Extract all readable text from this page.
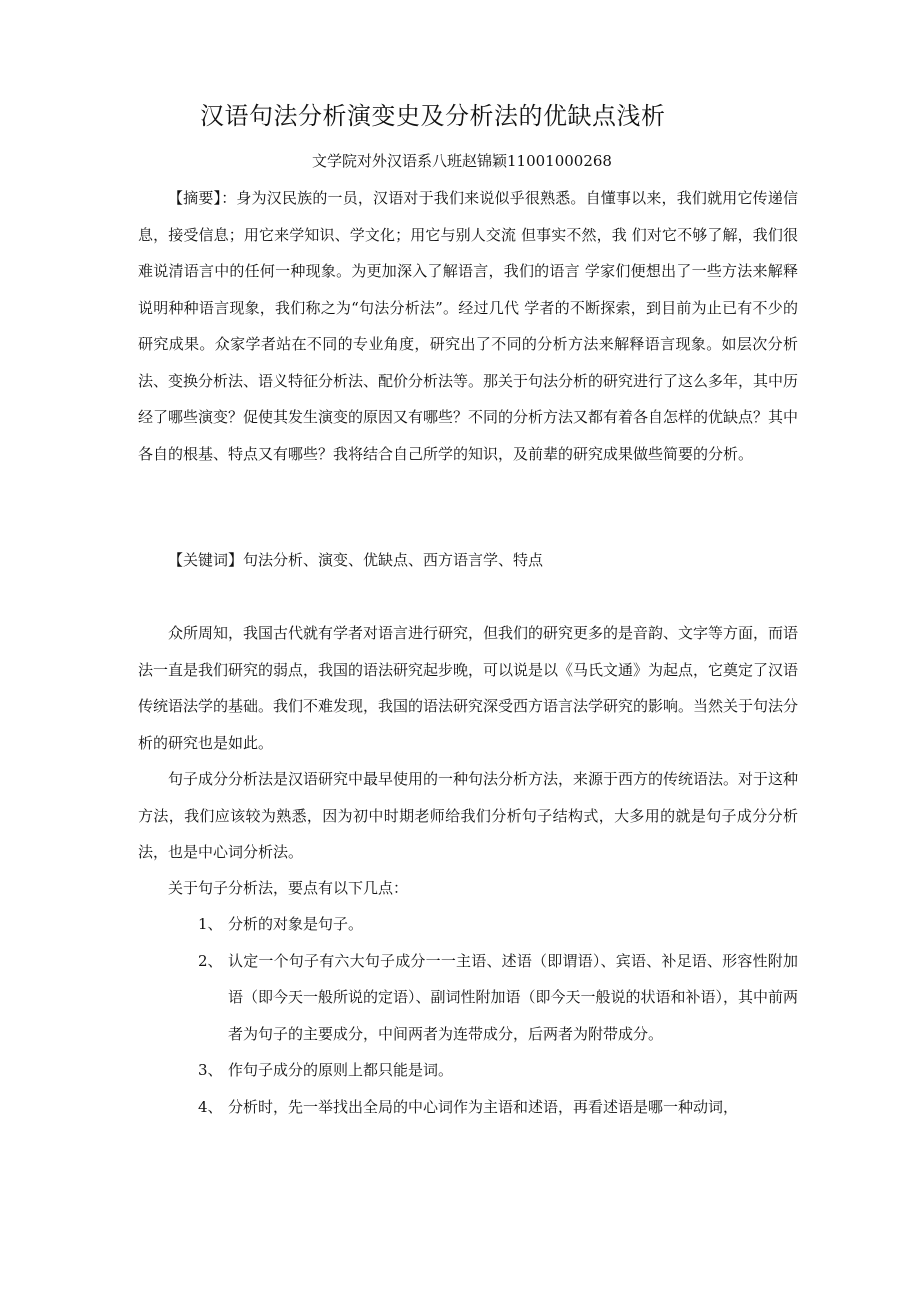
汉语句法分析演变史及分析法的优缺点浅析
文学院对外汉语系八班赵锦颖11001000268

【摘要】：身为汉民族的一员，汉语对于我们来说似乎很熟悉。自懂事以来，我们就用它传递信息，接受信息；用它来学知识、学文化；用它与别人交流 但事实不然，我 们对它不够了解，我们很难说清语言中的任何一种现象。为更加深入了解语言，我们的语言 学家们便想出了一些方法来解释说明种种语言现象，我们称之为“句法分析法”。经过几代 学者的不断探索，到目前为止已有不少的研究成果。众家学者站在不同的专业角度，研究出了不同的分析方法来解释语言现象。如层次分析法、变换分析法、语义特征分析法、配价分析法等。那关于句法分析的研究进行了这么多年，其中历经了哪些演变？促使其发生演变的原因又有哪些？不同的分析方法又都有着各自怎样的优缺点？其中各自的根基、特点又有哪些？我将结合自己所学的知识，及前辈的研究成果做些简要的分析。

【关键词】句法分析、演变、优缺点、西方语言学、特点

众所周知，我国古代就有学者对语言进行研究，但我们的研究更多的是音韵、文字等方面，而语法一直是我们研究的弱点，我国的语法研究起步晚，可以说是以《马氏文通》为起点，它奠定了汉语传统语法学的基础。我们不难发现，我国的语法研究深受西方语言法学研究的影响。当然关于句法分析的研究也是如此。

句子成分分析法是汉语研究中最早使用的一种句法分析方法，来源于西方的传统语法。对于这种方法，我们应该较为熟悉，因为初中时期老师给我们分析句子结构式，大多用的就是句子成分分析法，也是中心词分析法。

关于句子分析法，要点有以下几点：

1、 分析的对象是句子。
2、 认定一个句子有六大句子成分一一主语、述语（即谓语）、宾语、补足语、形容性附加语（即今天一般所说的定语）、副词性附加语（即今天一般说的状语和补语），其中前两者为句子的主要成分，中间两者为连带成分，后两者为附带成分。
3、 作句子成分的原则上都只能是词。
4、 分析时，先一举找出全局的中心词作为主语和述语，再看述语是哪一种动词，
